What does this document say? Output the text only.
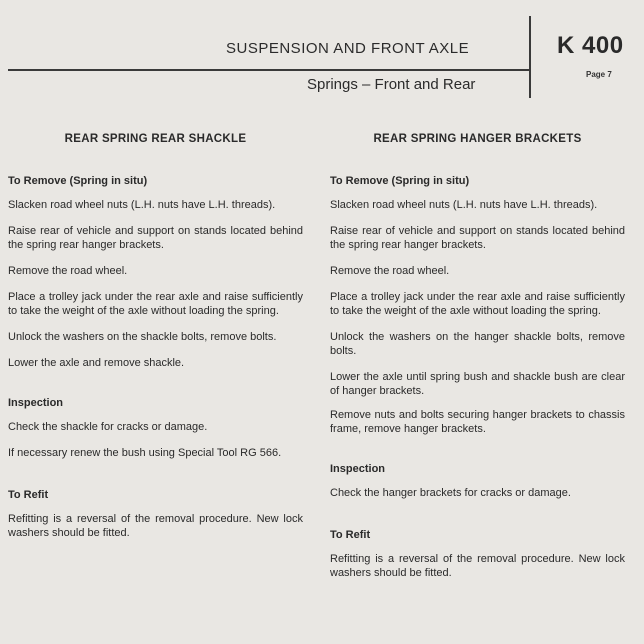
SUSPENSION AND FRONT AXLE
Springs – Front and Rear
K 400
Page 7
REAR SPRING REAR SHACKLE
To Remove (Spring in situ)

Slacken road wheel nuts (L.H. nuts have L.H. threads).

Raise rear of vehicle and support on stands located behind the spring rear hanger brackets.

Remove the road wheel.

Place a trolley jack under the rear axle and raise sufficiently to take the weight of the axle without loading the spring.

Unlock the washers on the shackle bolts, remove bolts.

Lower the axle and remove shackle.

Inspection

Check the shackle for cracks or damage.

If necessary renew the bush using Special Tool RG 566.

To Refit

Refitting is a reversal of the removal procedure. New lock washers should be fitted.

REAR SPRING HANGER BRACKETS
To Remove (Spring in situ)

Slacken road wheel nuts (L.H. nuts have L.H. threads).

Raise rear of vehicle and support on stands located behind the spring rear hanger brackets.

Remove the road wheel.

Place a trolley jack under the rear axle and raise sufficiently to take the weight of the axle without loading the spring.

Unlock the washers on the hanger shackle bolts, remove bolts.

Lower the axle until spring bush and shackle bush are clear of hanger brackets.

Remove nuts and bolts securing hanger brackets to chassis frame, remove hanger brackets.

Inspection

Check the hanger brackets for cracks or damage.

To Refit

Refitting is a reversal of the removal procedure. New lock washers should be fitted.
